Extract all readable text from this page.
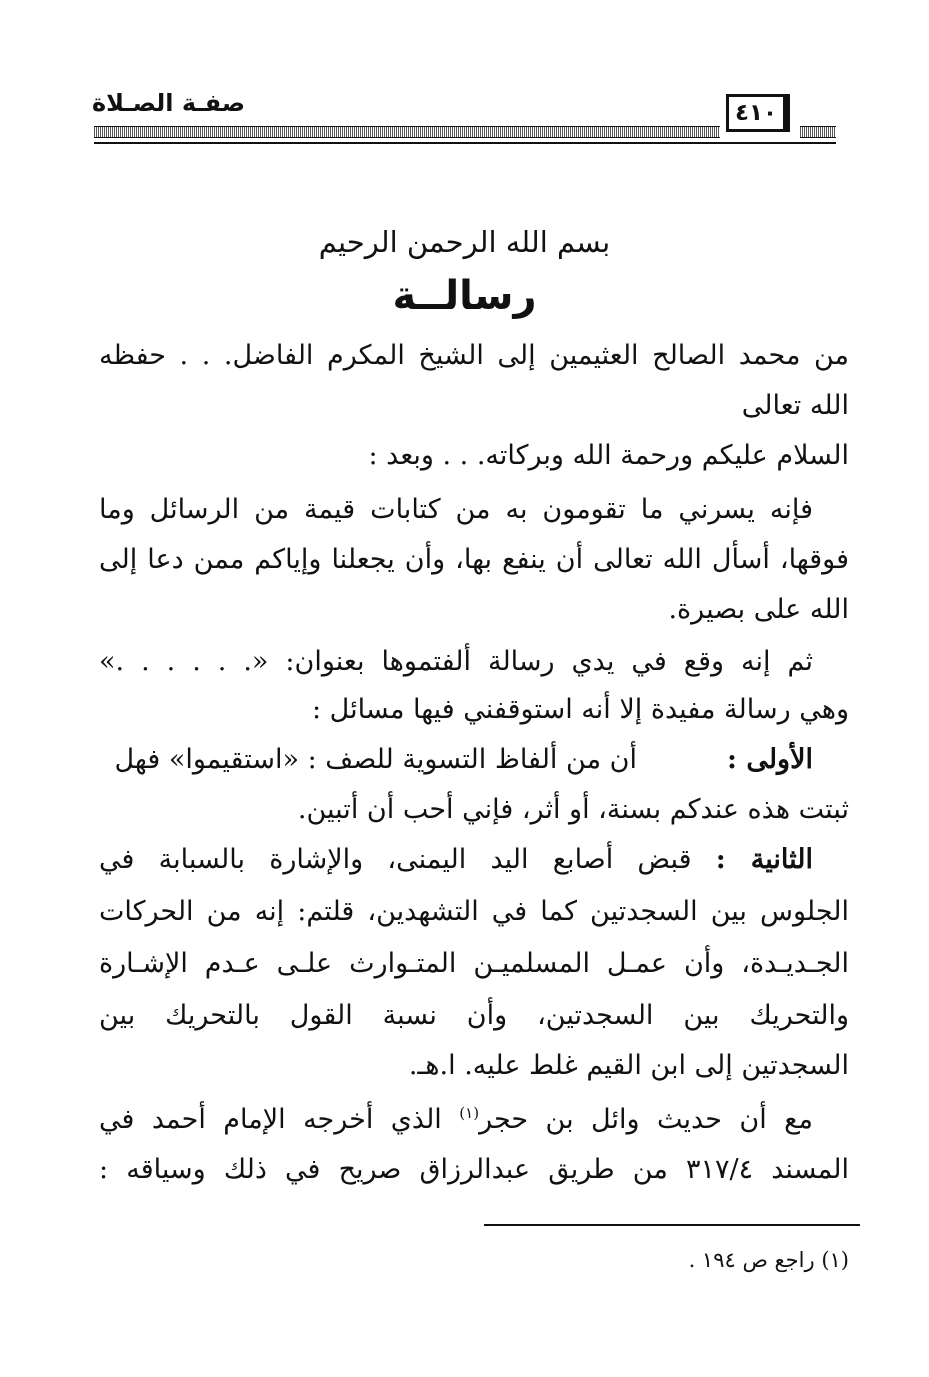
صفـة الصـلاة	٤١٠
بسم الله الرحمن الرحيم
رسالــة
من محمد الصالح العثيمين إلى الشيخ المكرم الفاضل. . . حفظه
الله تعالى
السلام عليكم ورحمة الله وبركاته. . . وبعد :
فإنه يسرني ما تقومون به من كتابات قيمة من الرسائل وما
فوقها، أسأل الله تعالى أن ينفع بها، وأن يجعلنا وإياكم ممن دعا إلى
الله على بصيرة.
ثم إنه وقع في يدي رسالة ألفتموها بعنوان: «. . . . . .»
وهي رسالة مفيدة إلا أنه استوقفني فيها مسائل :
الأولى :أن من ألفاظ التسوية للصف : «استقيموا» فهل
ثبتت هذه عندكم بسنة، أو أثر، فإني أحب أن أتبين.
الثانية : قبض أصابع اليد اليمنى، والإشارة بالسبابة في
الجلوس بين السجدتين كما في التشهدين، قلتم: إنه من الحركات
الجـديـدة، وأن عمـل المسلميـن المتـوارث علـى عـدم الإشـارة
والتحريك بين السجدتين، وأن نسبة القول بالتحريك بين
السجدتين إلى ابن القيم غلط عليه. ا.هـ.
مع أن حديث وائل بن حجر$^{(١)}$ الذي أخرجه الإمام أحمد في
المسند ٣١٧/٤ من طريق عبدالرزاق صريح في ذلك وسياقه :
(١) راجع ص ١٩٤ .
